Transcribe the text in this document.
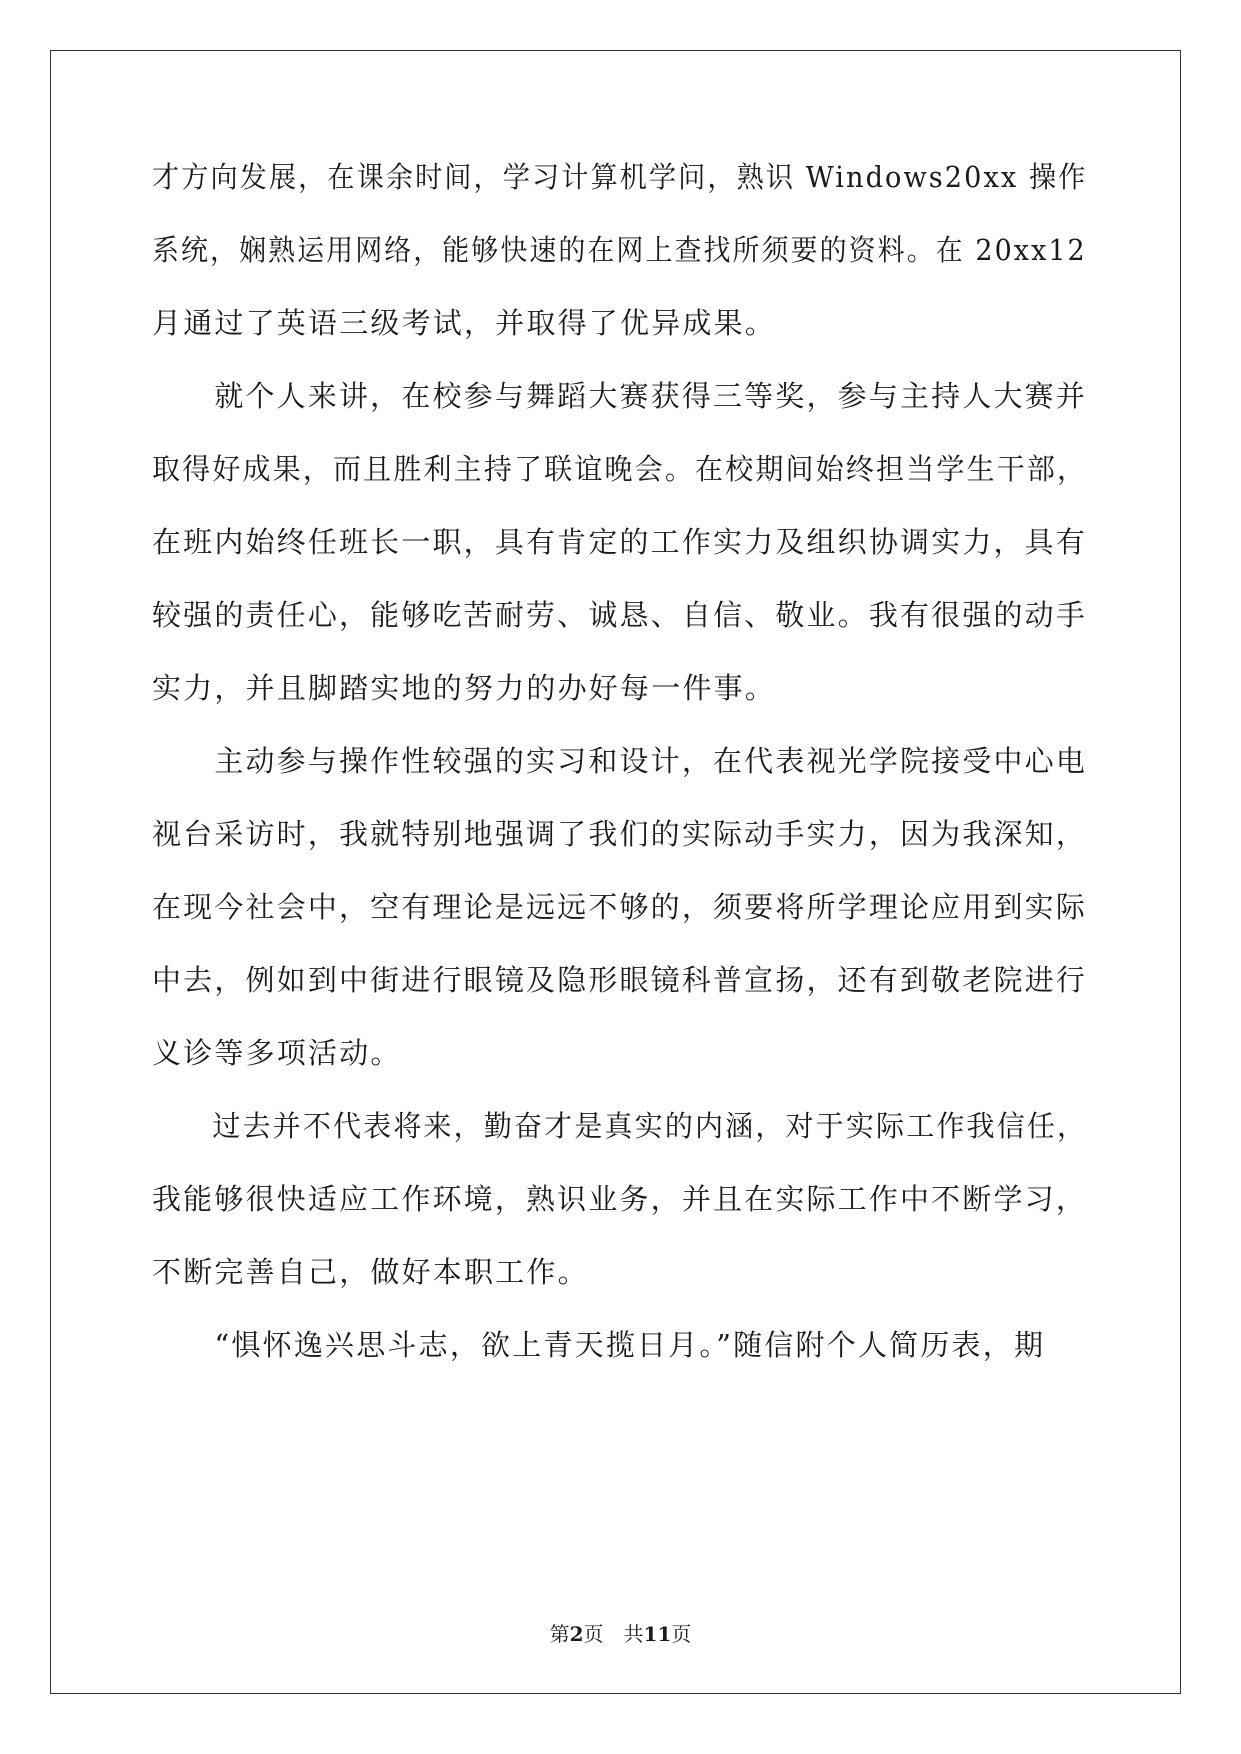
才方向发展，在课余时间，学习计算机学问，熟识 Windows20xx 操作
系统，娴熟运用网络，能够快速的在网上查找所须要的资料。在 20xx12
月通过了英语三级考试，并取得了优异成果。
　　就个人来讲，在校参与舞蹈大赛获得三等奖，参与主持人大赛并
取得好成果，而且胜利主持了联谊晚会。在校期间始终担当学生干部，
在班内始终任班长一职，具有肯定的工作实力及组织协调实力，具有
较强的责任心，能够吃苦耐劳、诚恳、自信、敬业。我有很强的动手
实力，并且脚踏实地的努力的办好每一件事。
　　主动参与操作性较强的实习和设计，在代表视光学院接受中心电
视台采访时，我就特别地强调了我们的实际动手实力，因为我深知，
在现今社会中，空有理论是远远不够的，须要将所学理论应用到实际
中去，例如到中街进行眼镜及隐形眼镜科普宣扬，还有到敬老院进行
义诊等多项活动。
　　过去并不代表将来，勤奋才是真实的内涵，对于实际工作我信任，
我能够很快适应工作环境，熟识业务，并且在实际工作中不断学习，
不断完善自己，做好本职工作。
　　“惧怀逸兴思斗志，欲上青天揽日月。”随信附个人简历表，期
第2页　共11页
